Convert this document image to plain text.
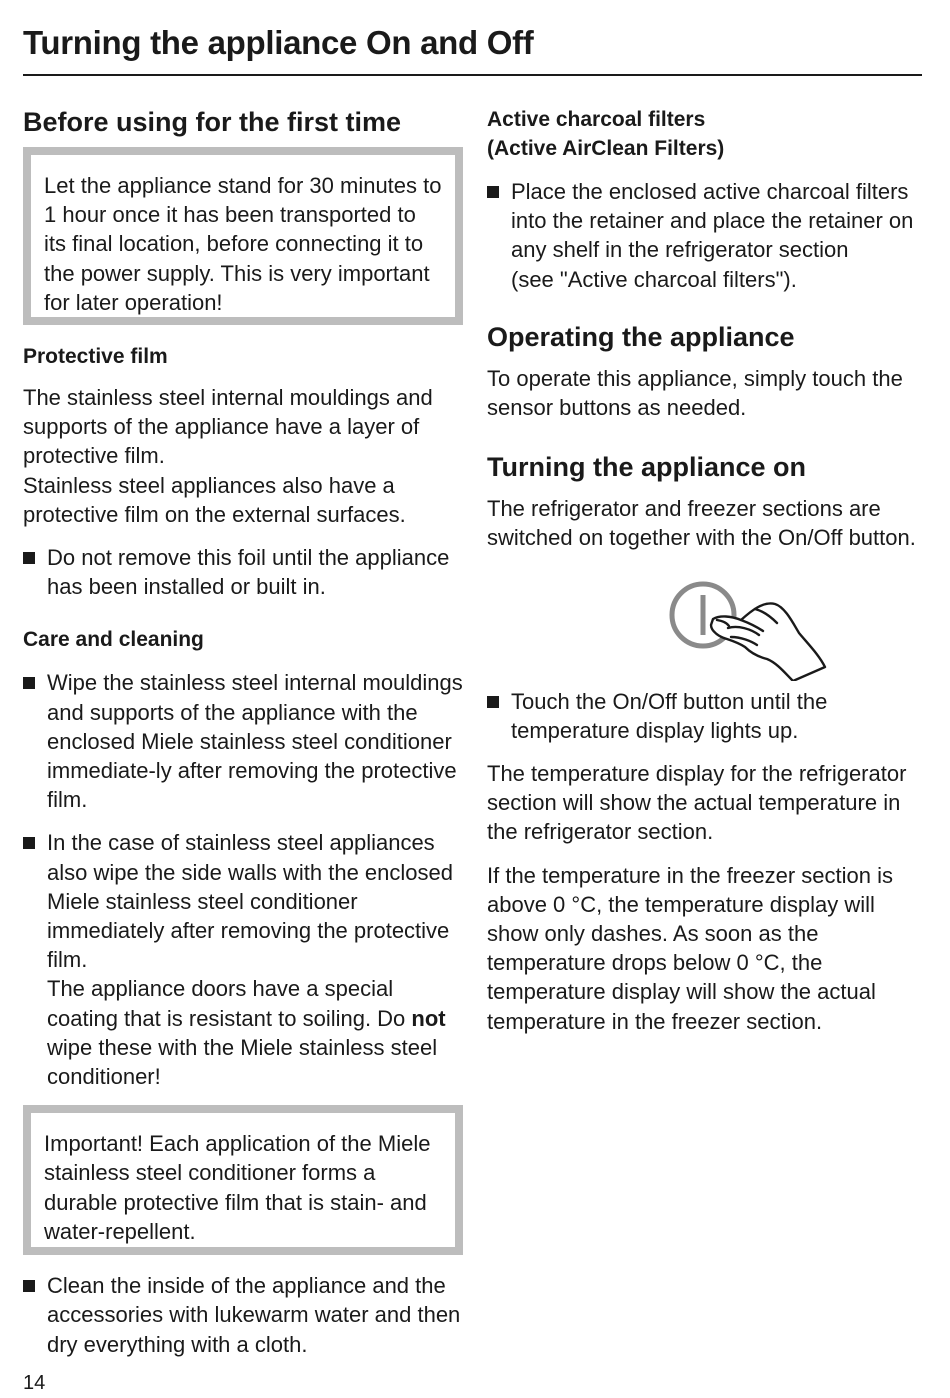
Turning the appliance On and Off
Before using for the first time

Let the appliance stand for 30 minutes to 1 hour once it has been transported to its final location, before connecting it to the power supply. This is very important for later operation!

Protective film

The stainless steel internal mouldings and supports of the appliance have a layer of protective film.

Stainless steel appliances also have a protective film on the external surfaces.

Do not remove this foil until the appliance has been installed or built in.
Care and cleaning
Wipe the stainless steel internal mouldings and supports of the appliance with the enclosed Miele stainless steel conditioner immediate-ly after removing the protective film.
In the case of stainless steel appliances also wipe the side walls with the enclosed Miele stainless steel conditioner immediately after removing the protective film.
The appliance doors have a special coating that is resistant to soiling. Do not wipe these with the Miele stainless steel conditioner!

Important! Each application of the Miele stainless steel conditioner forms a durable protective film that is stain- and water-repellent.

Clean the inside of the appliance and the accessories with lukewarm water and then dry everything with a cloth.
Active charcoal filters
(Active AirClean Filters)
Place the enclosed active charcoal filters into the retainer and place the retainer on any shelf in the refrigerator section
(see "Active charcoal filters").
Operating the appliance

To operate this appliance, simply touch the sensor buttons as needed.

Turning the appliance on

The refrigerator and freezer sections are switched on together with the On/Off button.

Touch the On/Off button until the temperature display lights up.

The temperature display for the refrigerator section will show the actual temperature in the refrigerator section.

If the temperature in the freezer section is above 0 °C, the temperature display will show only dashes. As soon as the temperature drops below 0 °C, the temperature display will show the actual temperature in the freezer section.

14
